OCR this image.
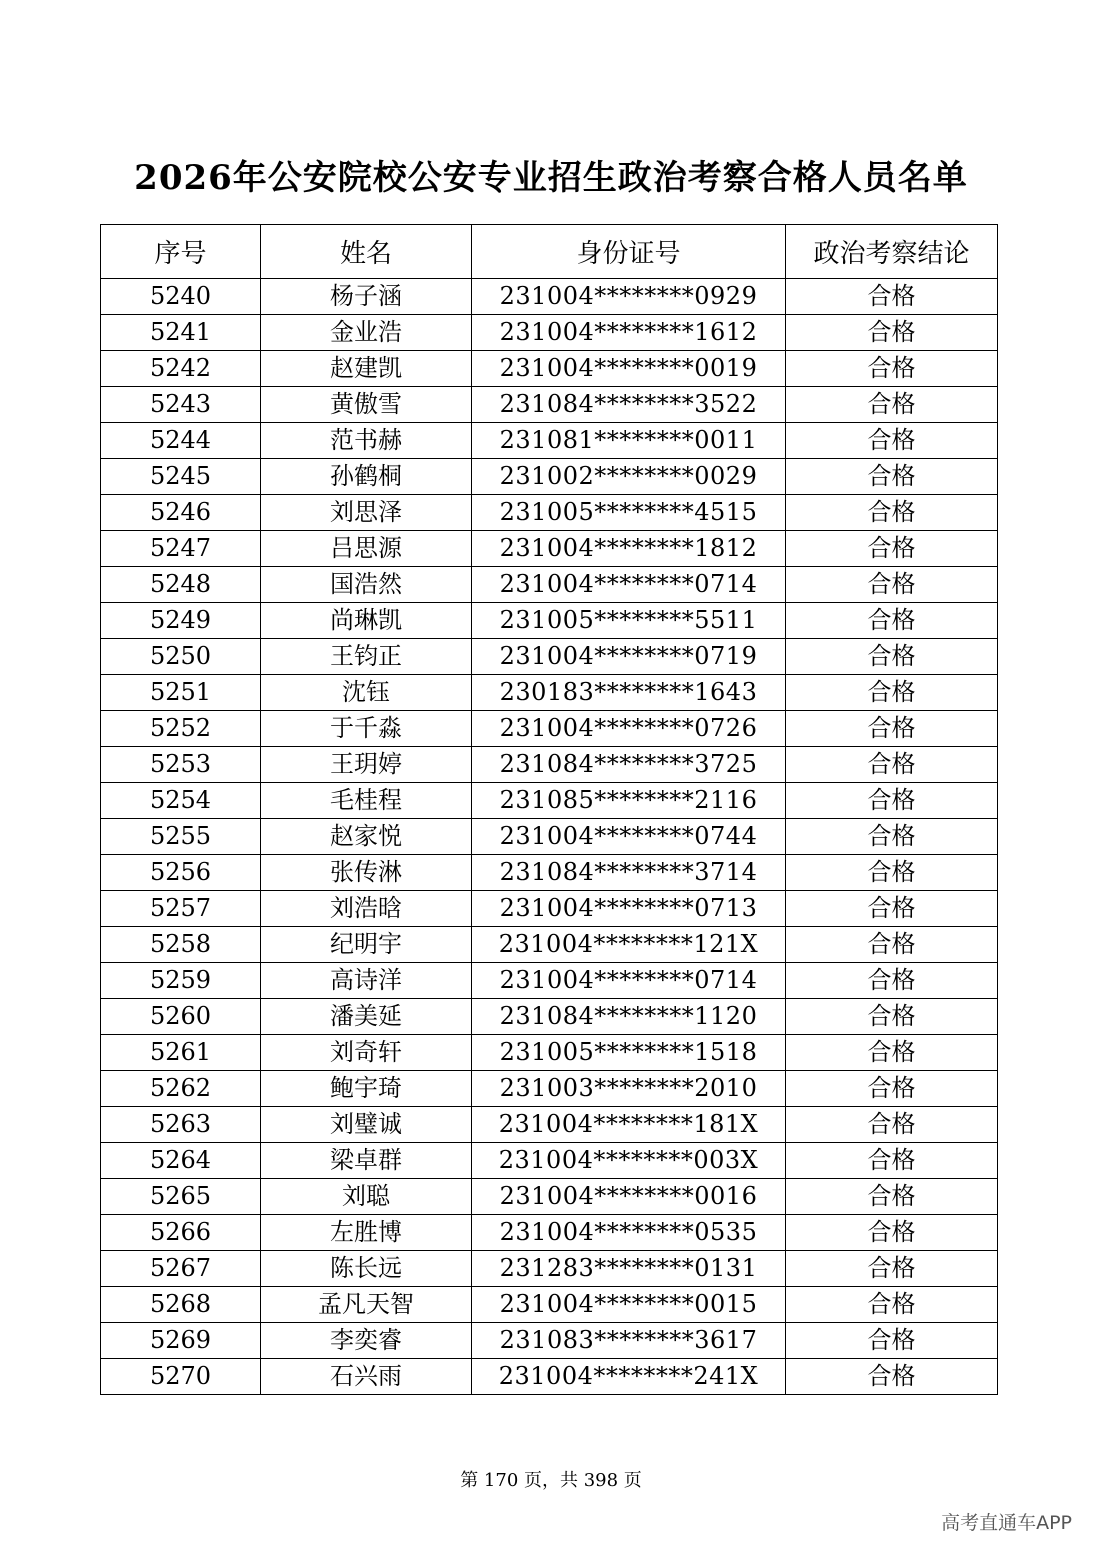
2026年公安院校公安专业招生政治考察合格人员名单
序号	姓名	身份证号	政治考察结论
5240	杨子涵	231004********0929	合格
5241	金业浩	231004********1612	合格
5242	赵建凯	231004********0019	合格
5243	黄傲雪	231084********3522	合格
5244	范书赫	231081********0011	合格
5245	孙鹤桐	231002********0029	合格
5246	刘思泽	231005********4515	合格
5247	吕思源	231004********1812	合格
5248	国浩然	231004********0714	合格
5249	尚琳凯	231005********5511	合格
5250	王钧正	231004********0719	合格
5251	沈钰	230183********1643	合格
5252	于千淼	231004********0726	合格
5253	王玥婷	231084********3725	合格
5254	毛桂程	231085********2116	合格
5255	赵家悦	231004********0744	合格
5256	张传淋	231084********3714	合格
5257	刘浩晗	231004********0713	合格
5258	纪明宇	231004********121X	合格
5259	高诗洋	231004********0714	合格
5260	潘美延	231084********1120	合格
5261	刘奇轩	231005********1518	合格
5262	鲍宇琦	231003********2010	合格
5263	刘璧诚	231004********181X	合格
5264	梁卓群	231004********003X	合格
5265	刘聪	231004********0016	合格
5266	左胜博	231004********0535	合格
5267	陈长远	231283********0131	合格
5268	孟凡天智	231004********0015	合格
5269	李奕睿	231083********3617	合格
5270	石兴雨	231004********241X	合格
第 170 页，共 398 页
高考直通车APP
